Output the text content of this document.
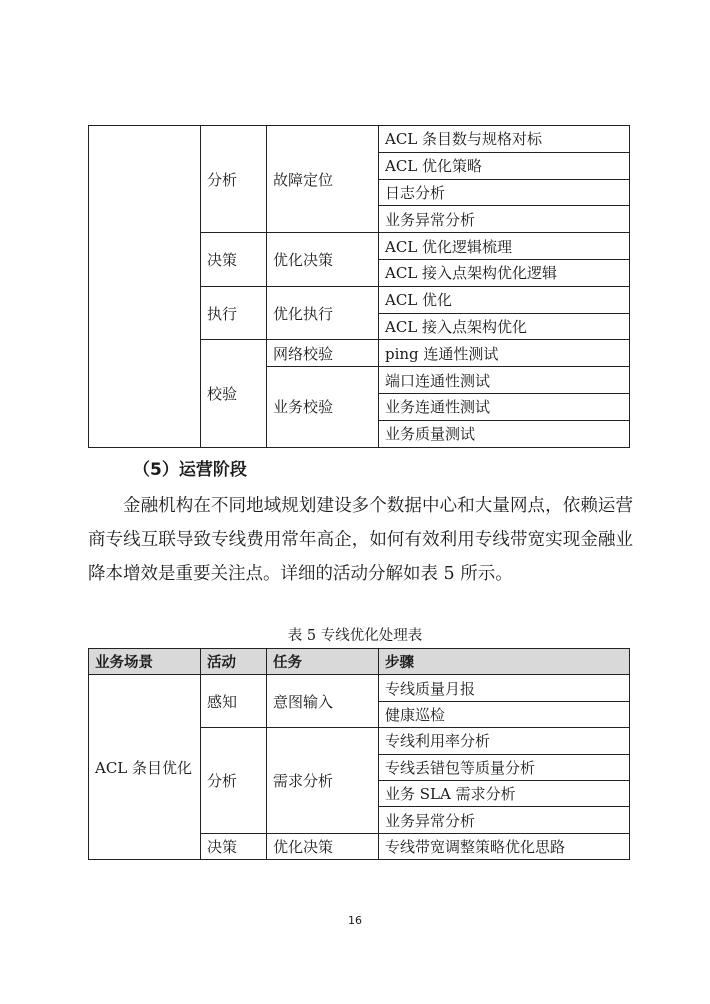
	分析	故障定位	ACL 条目数与规格对标
			ACL 优化策略
			日志分析
			业务异常分析
	决策	优化决策	ACL 优化逻辑梳理
			ACL 接入点架构优化逻辑
	执行	优化执行	ACL 优化
			ACL 接入点架构优化
	校验	网络校验	ping 连通性测试
		业务校验	端口连通性测试
			业务连通性测试
			业务质量测试
（5）运营阶段

金融机构在不同地域规划建设多个数据中心和大量网点，依赖运营商专线互联导致专线费用常年高企，如何有效利用专线带宽实现金融业降本增效是重要关注点。详细的活动分解如表 5 所示。

表 5 专线优化处理表
业务场景	活动	任务	步骤
ACL 条目优化	感知	意图输入	专线质量月报
			健康巡检
	分析	需求分析	专线利用率分析
			专线丢错包等质量分析
			业务 SLA 需求分析
			业务异常分析
	决策	优化决策	专线带宽调整策略优化思路
16
